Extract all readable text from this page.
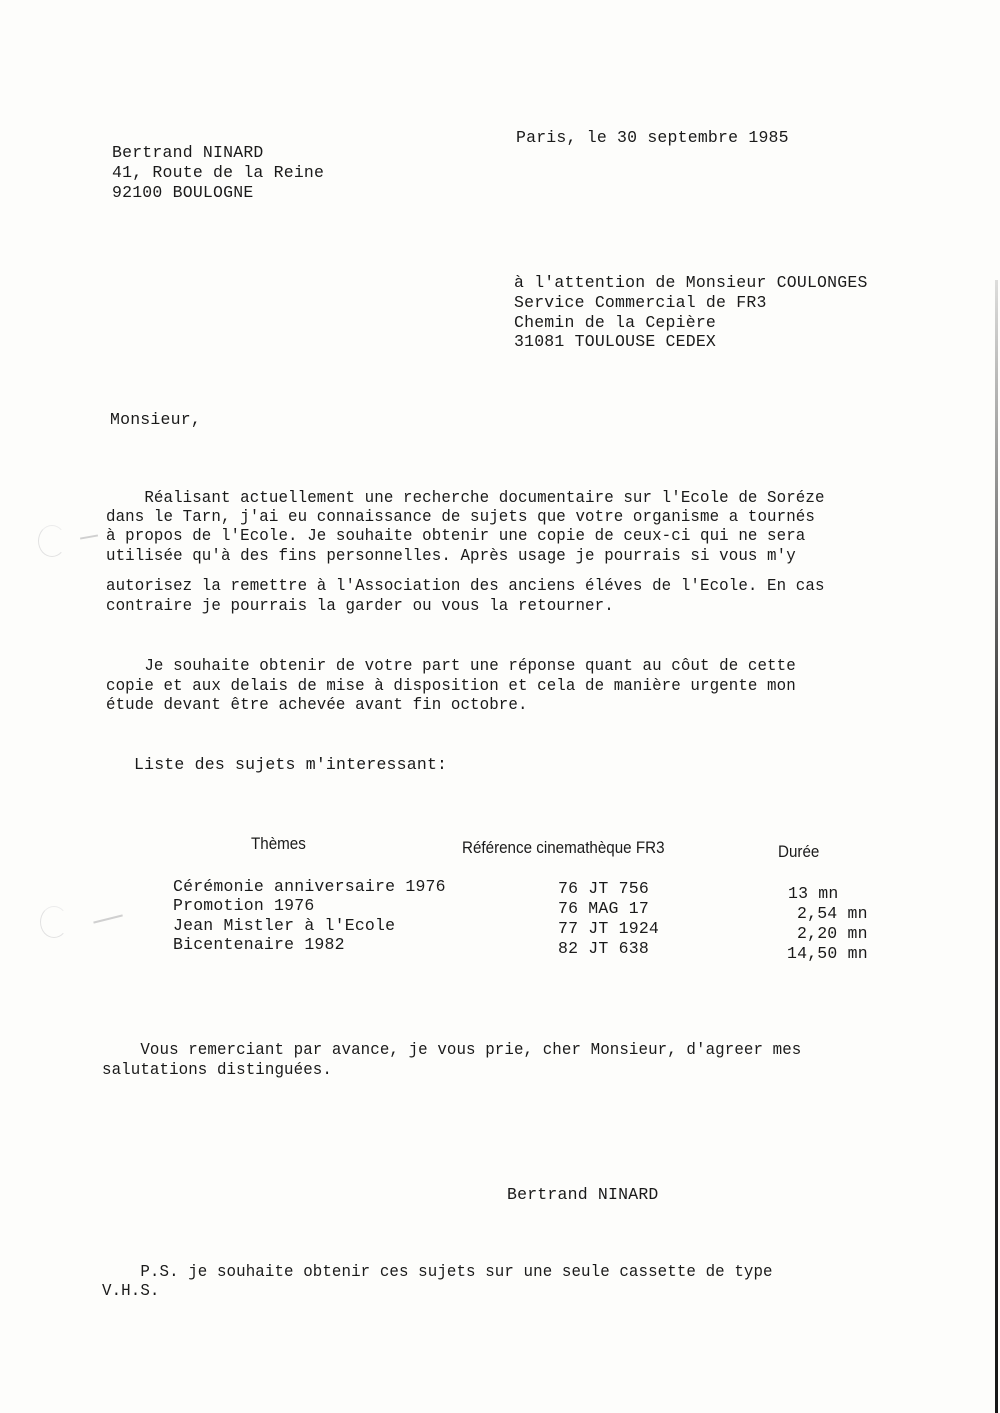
Bertrand NINARD
41, Route de la Reine
92100 BOULOGNE
Paris, le 30 septembre 1985
à l'attention de Monsieur COULONGES
Service Commercial de FR3
Chemin de la Cepière
31081 TOULOUSE CEDEX
Monsieur,
Réalisant actuellement une recherche documentaire sur l'Ecole de Soréze
dans le Tarn, j'ai eu connaissance de sujets que votre organisme a tournés
à propos de l'Ecole. Je souhaite obtenir une copie de ceux-ci qui ne sera
utilisée qu'à des fins personnelles. Après usage je pourrais si vous m'y
autorisez la remettre à l'Association des anciens éléves de l'Ecole. En cas
contraire je pourrais la garder ou vous la retourner.
Je souhaite obtenir de votre part une réponse quant au côut de cette
copie et aux delais de mise à disposition et cela de manière urgente mon
étude devant être achevée avant fin octobre.
Liste des sujets m'interessant:
Thèmes	Référence cinemathèque FR3	Durée
Cérémonie anniversaire 1976	76 JT 756	13 mn
Promotion 1976	76 MAG 17	2,54 mn
Jean Mistler à l'Ecole	77 JT 1924	2,20 mn
Bicentenaire 1982	82 JT 638	14,50 mn
Vous remerciant par avance, je vous prie, cher Monsieur, d'agreer mes
salutations distinguées.
Bertrand NINARD
P.S. je souhaite obtenir ces sujets sur une seule cassette de type
V.H.S.
